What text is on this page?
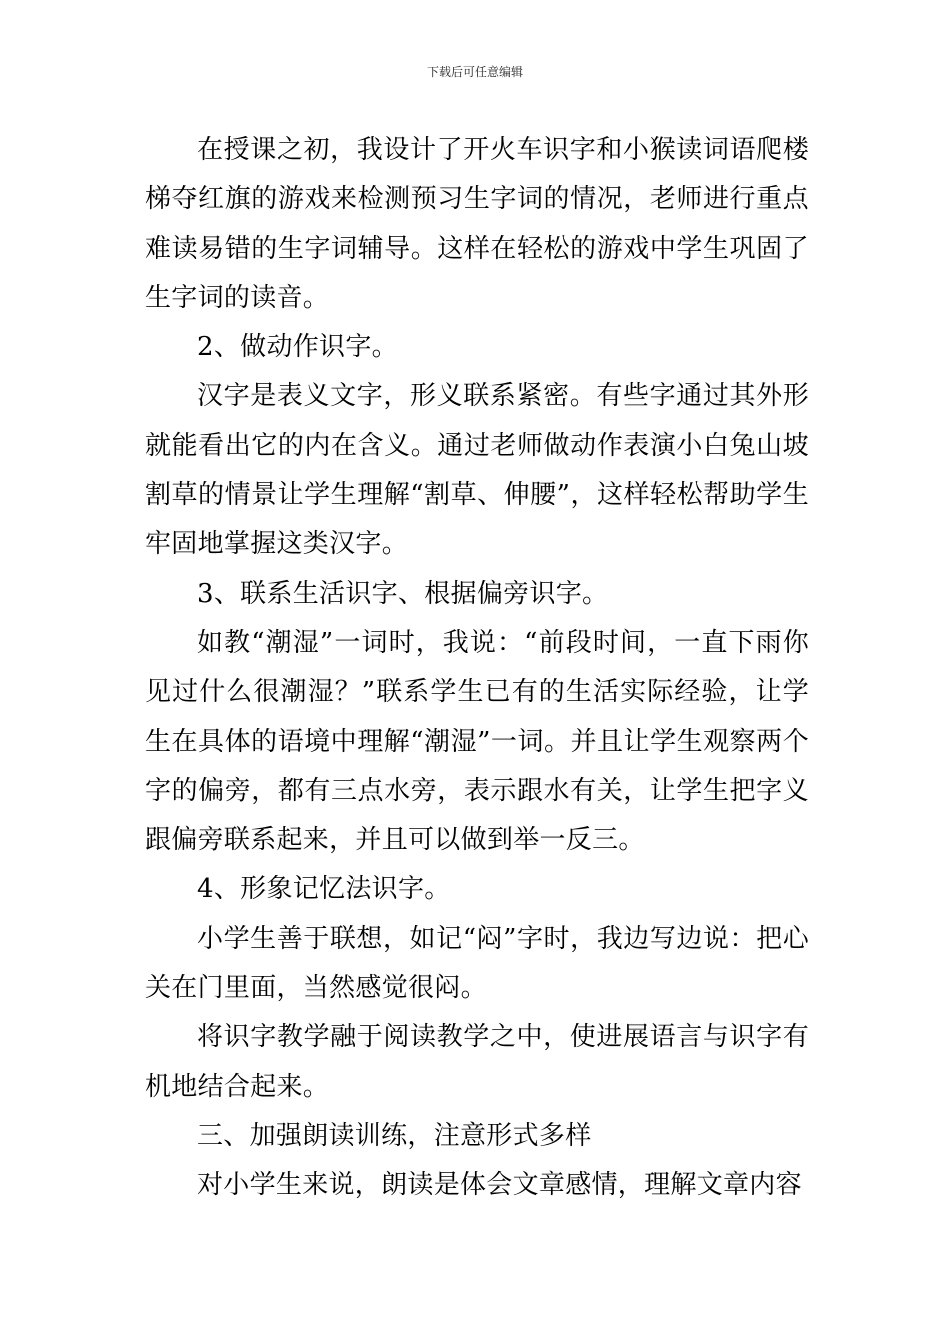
下载后可任意编辑

在授课之初，我设计了开火车识字和小猴读词语爬楼梯夺红旗的游戏来检测预习生字词的情况，老师进行重点难读易错的生字词辅导。这样在轻松的游戏中学生巩固了生字词的读音。

2、做动作识字。

汉字是表义文字，形义联系紧密。有些字通过其外形就能看出它的内在含义。通过老师做动作表演小白兔山坡割草的情景让学生理解“割草、伸腰”，这样轻松帮助学生牢固地掌握这类汉字。

3、联系生活识字、根据偏旁识字。

如教“潮湿”一词时，我说：“前段时间，一直下雨你见过什么很潮湿？”联系学生已有的生活实际经验，让学生在具体的语境中理解“潮湿”一词。并且让学生观察两个字的偏旁，都有三点水旁，表示跟水有关，让学生把字义跟偏旁联系起来，并且可以做到举一反三。

4、形象记忆法识字。

小学生善于联想，如记“闷”字时，我边写边说：把心关在门里面，当然感觉很闷。

将识字教学融于阅读教学之中，使进展语言与识字有机地结合起来。

三、加强朗读训练，注意形式多样

对小学生来说，朗读是体会文章感情，理解文章内容
